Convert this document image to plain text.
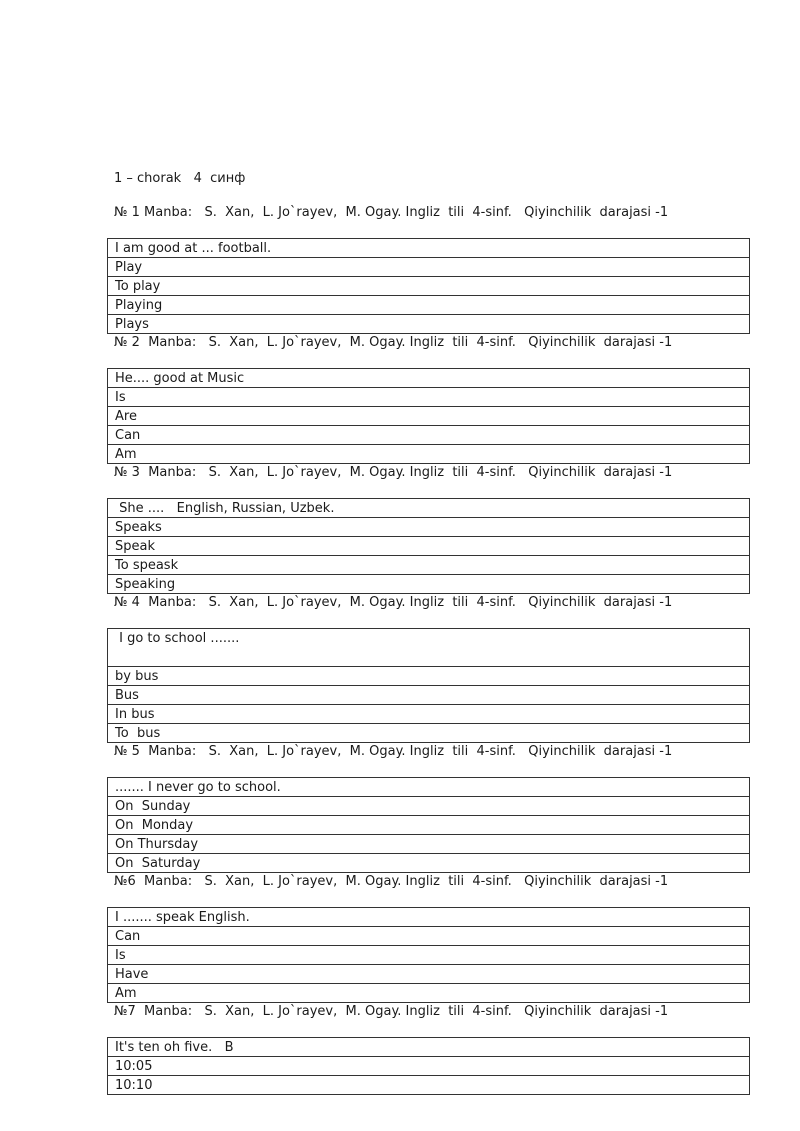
1 – chorak   4  синф
№ 1 Manba:   S.  Xan,  L. Jo`rayev,  M. Ogay. Ingliz  tili  4-sinf.   Qiyinchilik  darajasi -1
I am good at ... football.
Play
To play
Playing
Plays
№ 2  Manba:   S.  Xan,  L. Jo`rayev,  M. Ogay. Ingliz  tili  4-sinf.   Qiyinchilik  darajasi -1
He.... good at Music
Is
Are
Can
Am
№ 3  Manba:   S.  Xan,  L. Jo`rayev,  M. Ogay. Ingliz  tili  4-sinf.   Qiyinchilik  darajasi -1
She ....   English, Russian, Uzbek.
Speaks
Speak
To speask
Speaking
№ 4  Manba:   S.  Xan,  L. Jo`rayev,  M. Ogay. Ingliz  tili  4-sinf.   Qiyinchilik  darajasi -1
I go to school .......
by bus
Bus
In bus
To  bus
№ 5  Manba:   S.  Xan,  L. Jo`rayev,  M. Ogay. Ingliz  tili  4-sinf.   Qiyinchilik  darajasi -1
....... I never go to school.
On  Sunday
On  Monday
On Thursday
On  Saturday
№6  Manba:   S.  Xan,  L. Jo`rayev,  M. Ogay. Ingliz  tili  4-sinf.   Qiyinchilik  darajasi -1
I ....... speak English.
Can
Is
Have
Am
№7  Manba:   S.  Xan,  L. Jo`rayev,  M. Ogay. Ingliz  tili  4-sinf.   Qiyinchilik  darajasi -1
It's ten oh five.   B
10:05
10:10
